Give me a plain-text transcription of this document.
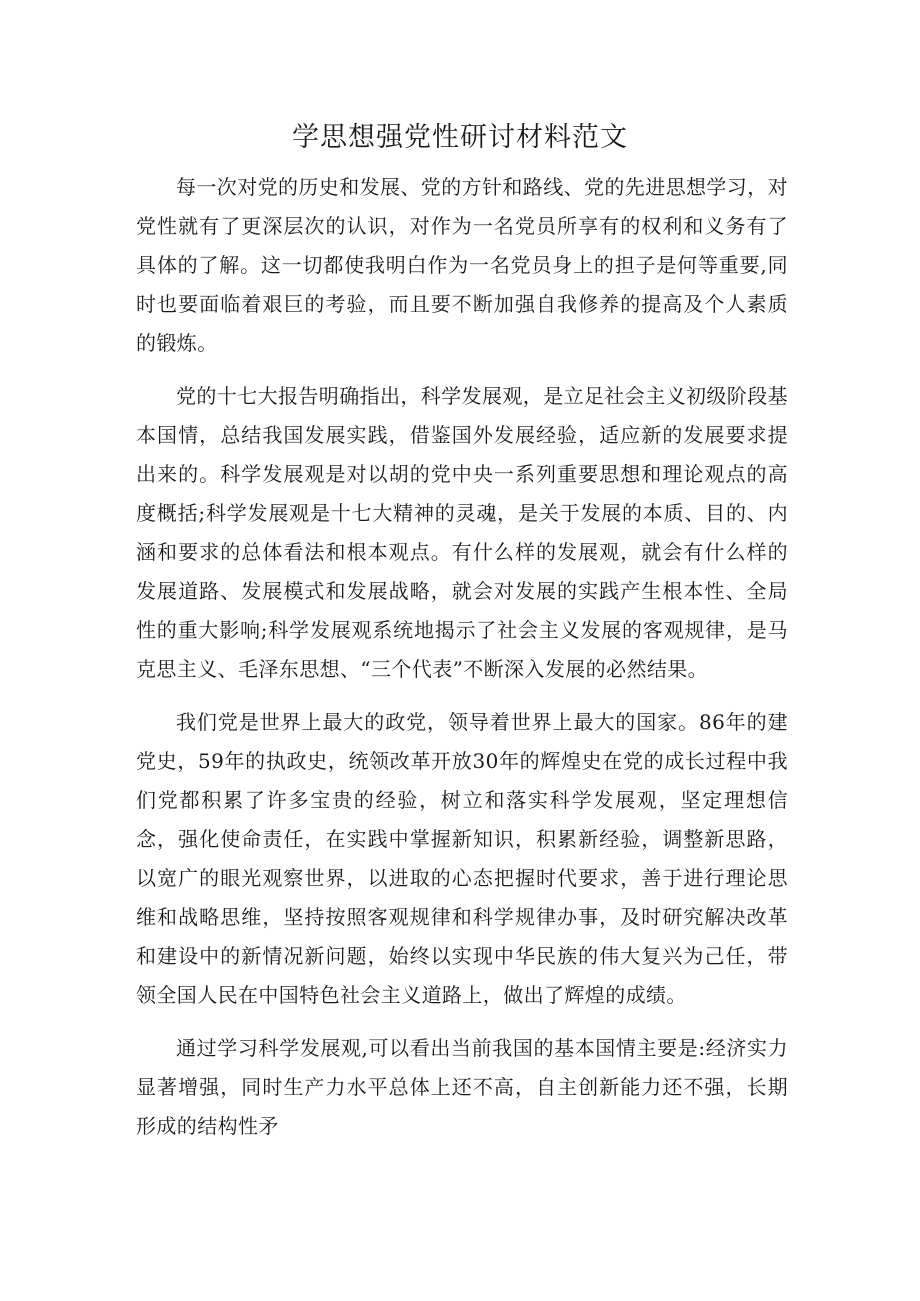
学思想强党性研讨材料范文

每一次对党的历史和发展、党的方针和路线、党的先进思想学习，对党性就有了更深层次的认识，对作为一名党员所享有的权利和义务有了具体的了解。这一切都使我明白作为一名党员身上的担子是何等重要,同时也要面临着艰巨的考验，而且要不断加强自我修养的提高及个人素质的锻炼。

党的十七大报告明确指出，科学发展观，是立足社会主义初级阶段基本国情，总结我国发展实践，借鉴国外发展经验，适应新的发展要求提出来的。科学发展观是对以胡的党中央一系列重要思想和理论观点的高度概括;科学发展观是十七大精神的灵魂，是关于发展的本质、目的、内涵和要求的总体看法和根本观点。有什么样的发展观，就会有什么样的发展道路、发展模式和发展战略，就会对发展的实践产生根本性、全局性的重大影响;科学发展观系统地揭示了社会主义发展的客观规律，是马克思主义、毛泽东思想、“三个代表”不断深入发展的必然结果。

我们党是世界上最大的政党，领导着世界上最大的国家。86年的建党史，59年的执政史，统领改革开放30年的辉煌史在党的成长过程中我们党都积累了许多宝贵的经验，树立和落实科学发展观，坚定理想信念，强化使命责任，在实践中掌握新知识，积累新经验，调整新思路，以宽广的眼光观察世界，以进取的心态把握时代要求，善于进行理论思维和战略思维，坚持按照客观规律和科学规律办事，及时研究解决改革和建设中的新情况新问题，始终以实现中华民族的伟大复兴为己任，带领全国人民在中国特色社会主义道路上，做出了辉煌的成绩。

通过学习科学发展观,可以看出当前我国的基本国情主要是:经济实力显著增强，同时生产力水平总体上还不高，自主创新能力还不强，长期形成的结构性矛
